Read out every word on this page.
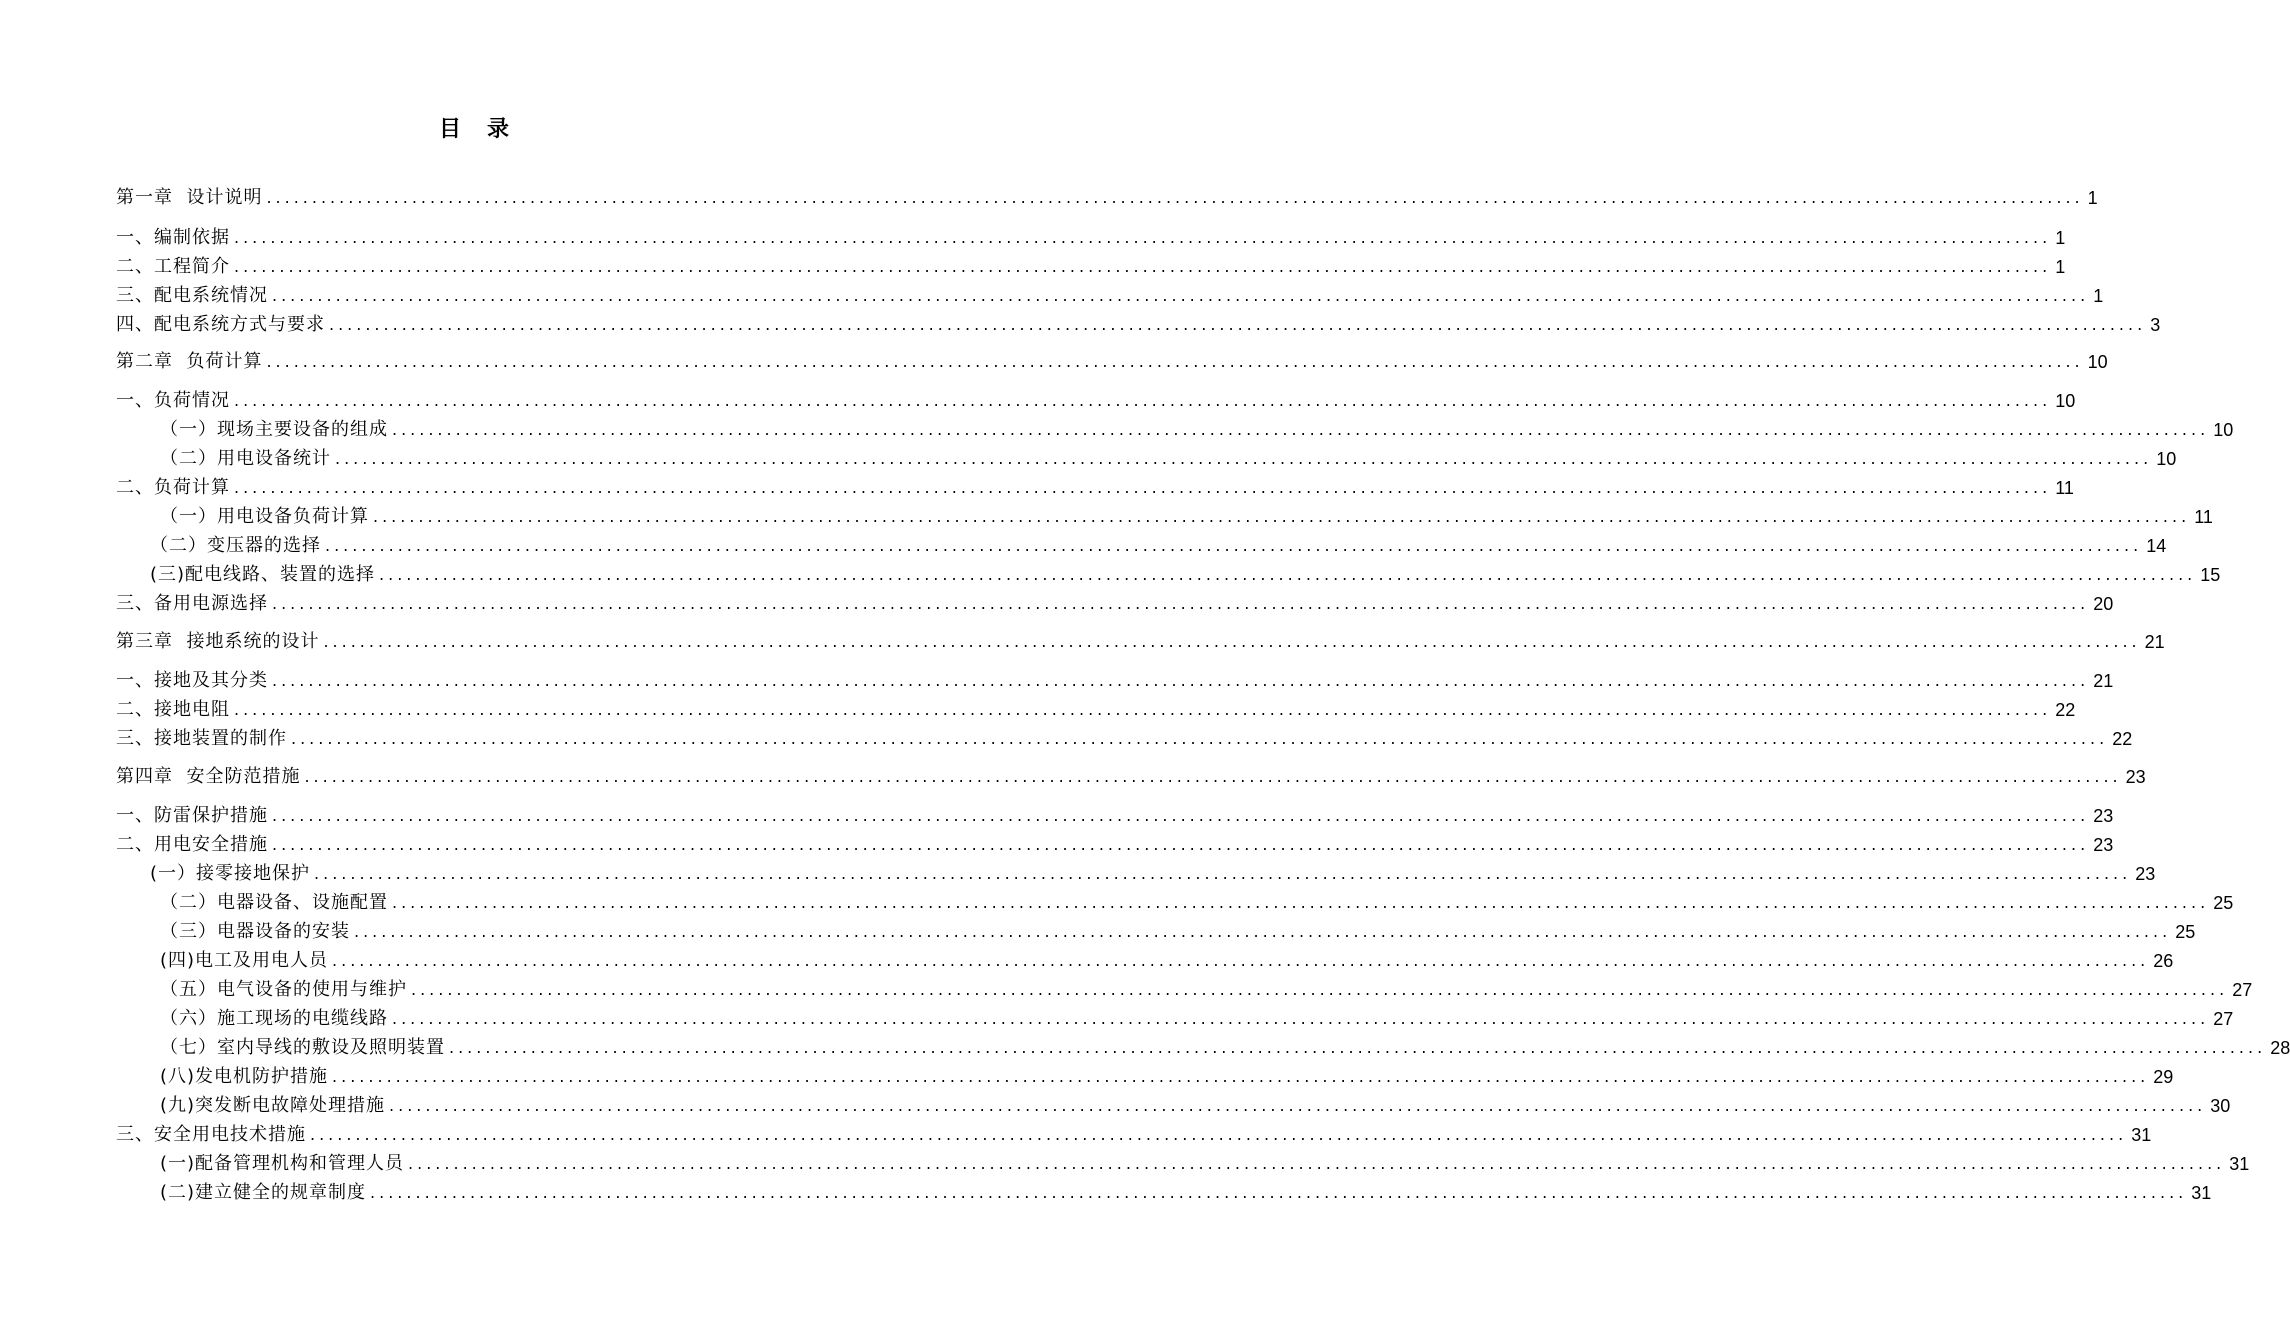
目 录
第一章  设计说明 ........................................................................................................................................................................................................ 1
一、编制依据 ........................................................................................................................................................................................................ 1
二、工程简介 ........................................................................................................................................................................................................ 1
三、配电系统情况 ........................................................................................................................................................................................................ 1
四、配电系统方式与要求 ........................................................................................................................................................................................................ 3
第二章  负荷计算 ........................................................................................................................................................................................................ 10
一、负荷情况 ........................................................................................................................................................................................................ 10
（一）现场主要设备的组成 ........................................................................................................................................................................................................ 10
（二）用电设备统计 ........................................................................................................................................................................................................ 10
二、负荷计算 ........................................................................................................................................................................................................ 11
（一）用电设备负荷计算 ........................................................................................................................................................................................................ 11
（二）变压器的选择 ........................................................................................................................................................................................................ 14
(三)配电线路、装置的选择 ........................................................................................................................................................................................................ 15
三、备用电源选择 ........................................................................................................................................................................................................ 20
第三章  接地系统的设计 ........................................................................................................................................................................................................ 21
一、接地及其分类 ........................................................................................................................................................................................................ 21
二、接地电阻 ........................................................................................................................................................................................................ 22
三、接地装置的制作 ........................................................................................................................................................................................................ 22
第四章  安全防范措施 ........................................................................................................................................................................................................ 23
一、防雷保护措施 ........................................................................................................................................................................................................ 23
二、用电安全措施 ........................................................................................................................................................................................................ 23
(一）接零接地保护 ........................................................................................................................................................................................................ 23
（二）电器设备、设施配置 ........................................................................................................................................................................................................ 25
（三）电器设备的安装 ........................................................................................................................................................................................................ 25
(四)电工及用电人员 ........................................................................................................................................................................................................ 26
（五）电气设备的使用与维护 ........................................................................................................................................................................................................ 27
（六）施工现场的电缆线路 ........................................................................................................................................................................................................ 27
（七）室内导线的敷设及照明装置 ........................................................................................................................................................................................................ 28
(八)发电机防护措施 ........................................................................................................................................................................................................ 29
(九)突发断电故障处理措施 ........................................................................................................................................................................................................ 30
三、安全用电技术措施 ........................................................................................................................................................................................................ 31
(一)配备管理机构和管理人员 ........................................................................................................................................................................................................ 31
(二)建立健全的规章制度 ........................................................................................................................................................................................................ 31
